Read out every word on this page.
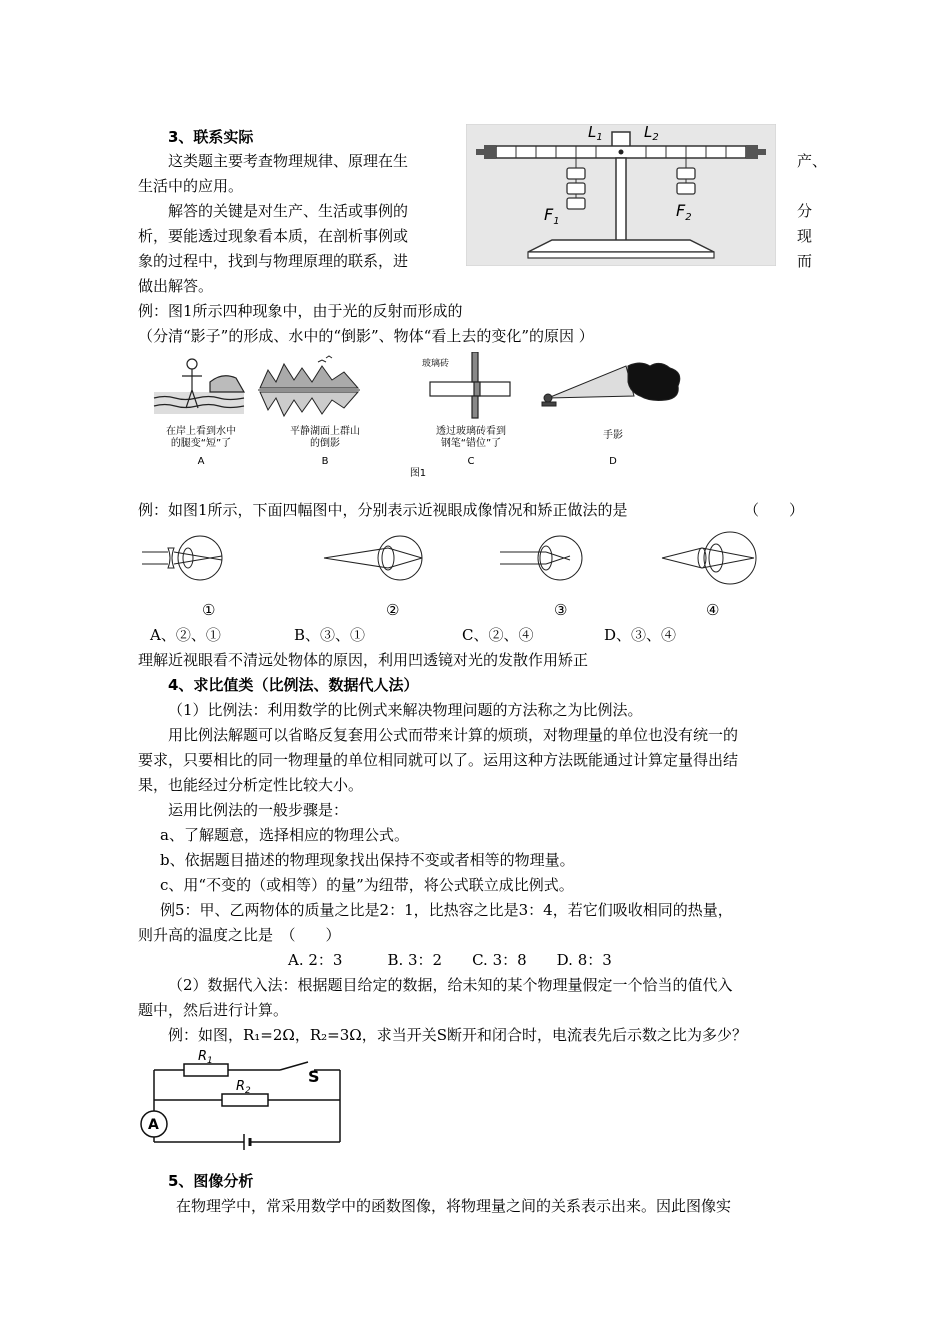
3、联系实际
这类题主要考查物理规律、原理在生	产、
生活中的应用。
解答的关键是对生产、生活或事例的	分
析，要能透过现象看本质，在剖析事例或	现
象的过程中，找到与物理原理的联系，进	而
做出解答。
$L_1$	$L_2$
$F_1$
$F_2$
例：图1所示四种现象中，由于光的反射而形成的
（分清“影子”的形成、水中的“倒影”、物体“看上去的变化”的原因 ）
玻璃砖
在岸上看到水中
的腿变“短”了
A
平静湖面上群山
的倒影
B
透过玻璃砖看到
钢笔“错位”了
C
手影
D
图1
例：如图1所示，下面四幅图中，分别表示近视眼成像情况和矫正做法的是	（　　）
①	②	③	④
A、②、①	B、③、①	C、②、④	D、③、④
理解近视眼看不清远处物体的原因，利用凹透镜对光的发散作用矫正
4、求比值类（比例法、数据代人法）
（1）比例法：利用数学的比例式来解决物理问题的方法称之为比例法。
用比例法解题可以省略反复套用公式而带来计算的烦琐，对物理量的单位也没有统一的
要求，只要相比的同一物理量的单位相同就可以了。运用这种方法既能通过计算定量得出结
果，也能经过分析定性比较大小。
运用比例法的一般步骤是：
a、了解题意，选择相应的物理公式。
b、依据题目描述的物理现象找出保持不变或者相等的物理量。
c、用“不变的（或相等）的量”为纽带，将公式联立成比例式。
例5：甲、乙两物体的质量之比是2：1，比热容之比是3：4，若它们吸收相同的热量，
则升高的温度之比是　（　　）
A. 2：3　　　B. 3：2　　C. 3：8　　D. 8：3
（2）数据代入法：根据题目给定的数据，给未知的某个物理量假定一个恰当的值代入
题中，然后进行计算。
例：如图，R₁=2Ω，R₂=3Ω，求当开关S断开和闭合时，电流表先后示数之比为多少？
$R_1$
$R_2$
S
A
5、图像分析
在物理学中，常采用数学中的函数图像，将物理量之间的关系表示出来。因此图像实
